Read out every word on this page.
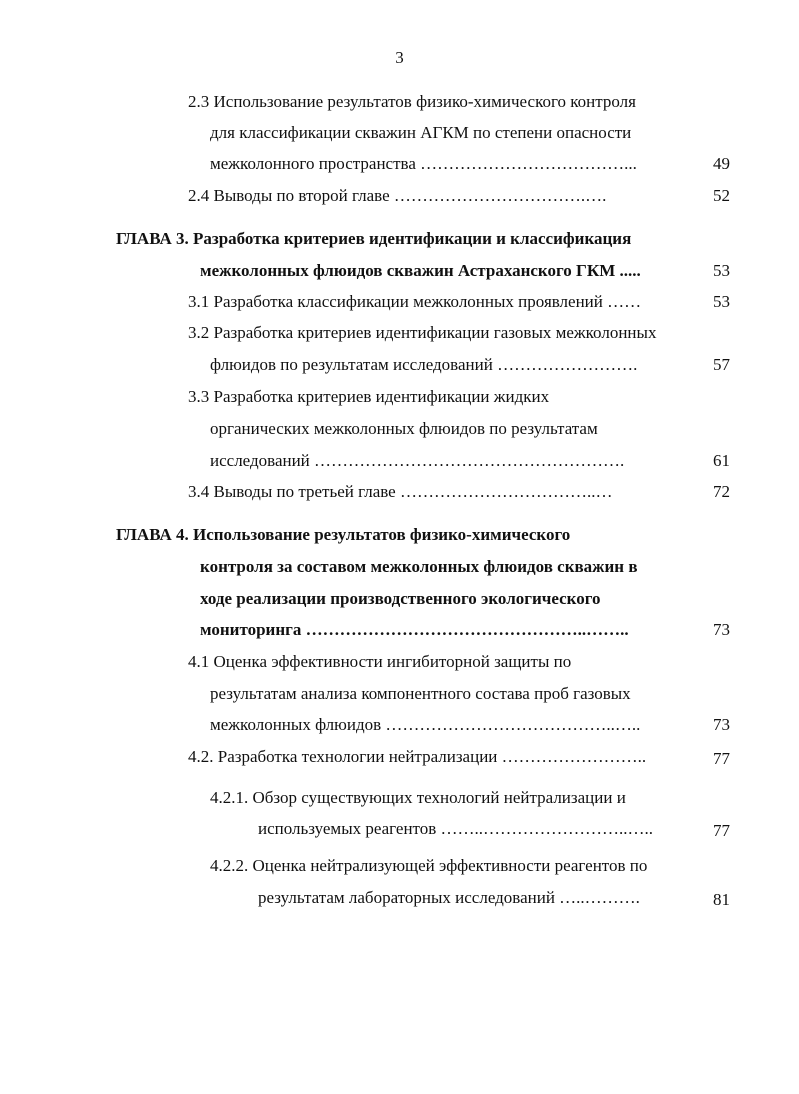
3
2.3 Использование результатов физико-химического контроля
для классификации скважин АГКМ по степени опасности
межколонного пространства ………………………………...	49
2.4 Выводы по второй главе …………………………….….	52
ГЛАВА 3. Разработка критериев идентификации и классификация
межколонных флюидов скважин Астраханского ГКМ .....	53
3.1 Разработка классификации межколонных проявлений ……	53
3.2 Разработка критериев идентификации газовых межколонных
флюидов по результатам исследований …………………….	57
3.3 Разработка критериев идентификации жидких
органических межколонных флюидов по результатам
исследований ……………………………………………….	61
3.4 Выводы по третьей главе ……………………………..…	72
ГЛАВА 4. Использование результатов физико-химического
контроля за составом межколонных флюидов скважин в
ходе реализации производственного экологического
мониторинга …………………………………………..……..	73
4.1 Оценка эффективности ингибиторной защиты по
результатам анализа компонентного состава проб газовых
межколонных флюидов …………………………………..…..	73
4.2. Разработка технологии нейтрализации ……………………..	77
4.2.1. Обзор существующих технологий нейтрализации и
используемых реагентов ……..……………………..…..	77
4.2.2. Оценка нейтрализующей эффективности реагентов по
результатам лабораторных исследований …..……….	81
